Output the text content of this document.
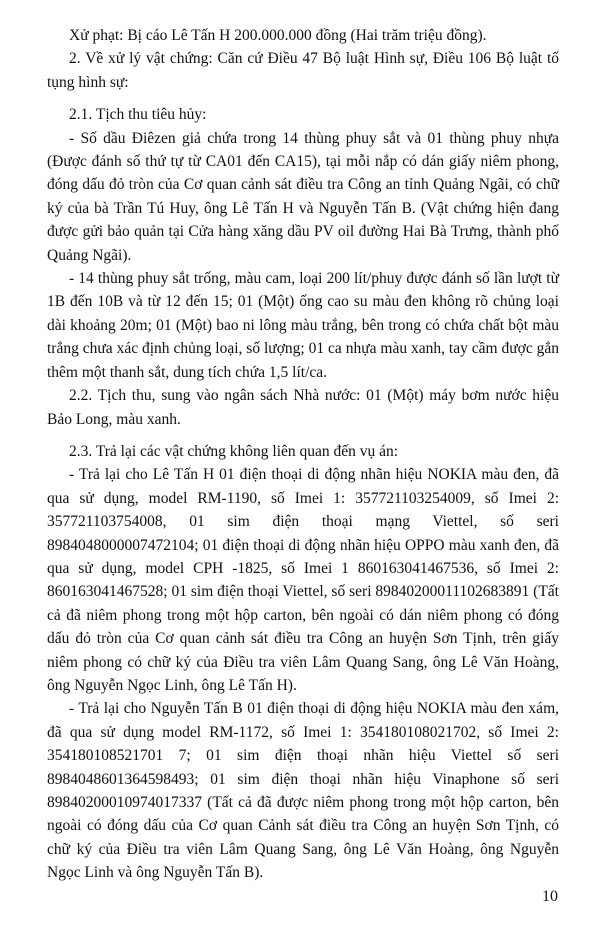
Xử phạt: Bị cáo Lê Tấn H 200.000.000 đồng (Hai trăm triệu đồng).

2. Về xử lý vật chứng: Căn cứ Điều 47 Bộ luật Hình sự, Điều 106 Bộ luật tố tụng hình sự:

2.1. Tịch thu tiêu hủy:

- Số dầu Điêzen giả chứa trong 14 thùng phuy sắt và 01 thùng phuy nhựa (Được đánh số thứ tự từ CA01 đến CA15), tại mỗi nắp có dán giấy niêm phong, đóng dấu đỏ tròn của Cơ quan cảnh sát điều tra Công an tỉnh Quảng Ngãi, có chữ ký của bà Trần Tú Huy, ông Lê Tấn H và Nguyễn Tấn B. (Vật chứng hiện đang được gửi bảo quản tại Cửa hàng xăng dầu PV oil đường Hai Bà Trưng, thành phố Quảng Ngãi).

- 14 thùng phuy sắt trống, màu cam, loại 200 lít/phuy được đánh số lần lượt từ 1B đến 10B và từ 12 đến 15; 01 (Một) ống cao su màu đen không rõ chủng loại dài khoảng 20m; 01 (Một) bao ni lông màu trắng, bên trong có chứa chất bột màu trắng chưa xác định chủng loại, số lượng; 01 ca nhựa màu xanh, tay cầm được gắn thêm một thanh sắt, dung tích chứa 1,5 lít/ca.

2.2. Tịch thu, sung vào ngân sách Nhà nước: 01 (Một) máy bơm nước hiệu Bảo Long, màu xanh.

2.3. Trả lại các vật chứng không liên quan đến vụ án:

- Trả lại cho Lê Tấn H 01 điện thoại di động nhãn hiệu NOKIA màu đen, đã qua sử dụng, model RM-1190, số Imei 1: 357721103254009, số Imei 2: 357721103754008, 01 sim điện thoại mạng Viettel, số seri 8984048000007472104; 01 điện thoại di động nhãn hiệu OPPO màu xanh đen, đã qua sử dụng, model CPH -1825, số Imei 1 860163041467536, số Imei 2: 860163041467528; 01 sim điện thoại Viettel, số seri 89840200011102683891 (Tất cả đã niêm phong trong một hộp carton, bên ngoài có dán niêm phong có đóng dấu đỏ tròn của Cơ quan cảnh sát điều tra Công an huyện Sơn Tịnh, trên giấy niêm phong có chữ ký của Điều tra viên Lâm Quang Sang, ông Lê Văn Hoàng, ông Nguyễn Ngọc Linh, ông Lê Tấn H).

- Trả lại cho Nguyễn Tấn B 01 điện thoại di động hiệu NOKIA màu đen xám, đã qua sử dụng model RM-1172, số Imei 1: 354180108021702, số Imei 2: 354180108521701 7; 01 sim điện thoại nhãn hiệu Viettel số seri 8984048601364598493; 01 sim điện thoại nhãn hiệu Vinaphone số seri 89840200010974017337 (Tất cả đã được niêm phong trong một hộp carton, bên ngoài có đóng dấu của Cơ quan Cảnh sát điều tra Công an huyện Sơn Tịnh, có chữ ký của Điều tra viên Lâm Quang Sang, ông Lê Văn Hoàng, ông Nguyễn Ngọc Linh và ông Nguyễn Tấn B).

10
